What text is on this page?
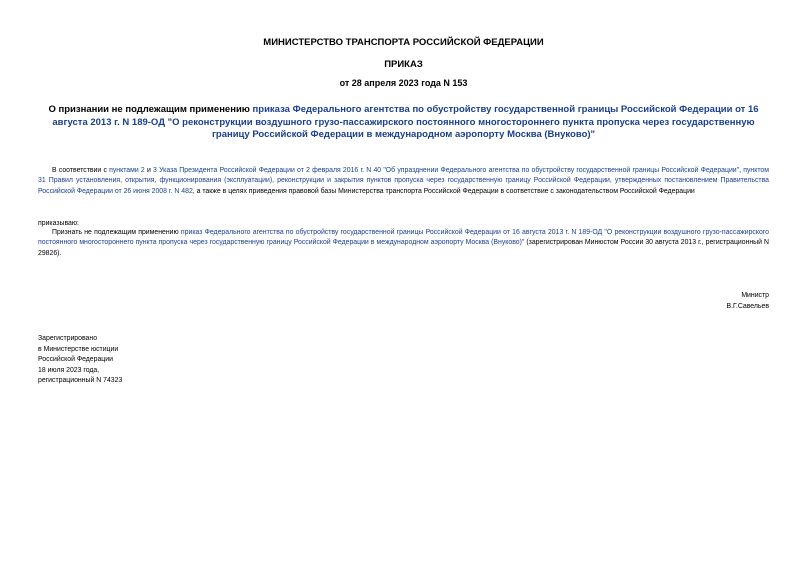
МИНИСТЕРСТВО ТРАНСПОРТА РОССИЙСКОЙ ФЕДЕРАЦИИ
ПРИКАЗ
от 28 апреля 2023 года N 153
О признании не подлежащим применению приказа Федерального агентства по обустройству государственной границы Российской Федерации от 16 августа 2013 г. N 189-ОД "О реконструкции воздушного грузо-пассажирского постоянного многостороннего пункта пропуска через государственную границу Российской Федерации в международном аэропорту Москва (Внуково)"
В соответствии с пунктами 2 и 3 Указа Президента Российской Федерации от 2 февраля 2016 г. N 40 "Об упразднении Федерального агентства по обустройству государственной границы Российской Федерации", пунктом 31 Правил установления, открытия, функционирования (эксплуатации), реконструкции и закрытия пунктов пропуска через государственную границу Российской Федерации, утвержденных постановлением Правительства Российской Федерации от 26 июня 2008 г. N 482, а также в целях приведения правовой базы Министерства транспорта Российской Федерации в соответствие с законодательством Российской Федерации
приказываю:
Признать не подлежащим применению приказ Федерального агентства по обустройству государственной границы Российской Федерации от 16 августа 2013 г. N 189-ОД "О реконструкции воздушного грузо-пассажирского постоянного многостороннего пункта пропуска через государственную границу Российской Федерации в международном аэропорту Москва (Внуково)" (зарегистрирован Минюстом России 30 августа 2013 г., регистрационный N 29826).
Министр
В.Г.Савельев
Зарегистрировано
в Министерстве юстиции
Российской Федерации
18 июля 2023 года,
регистрационный N 74323
